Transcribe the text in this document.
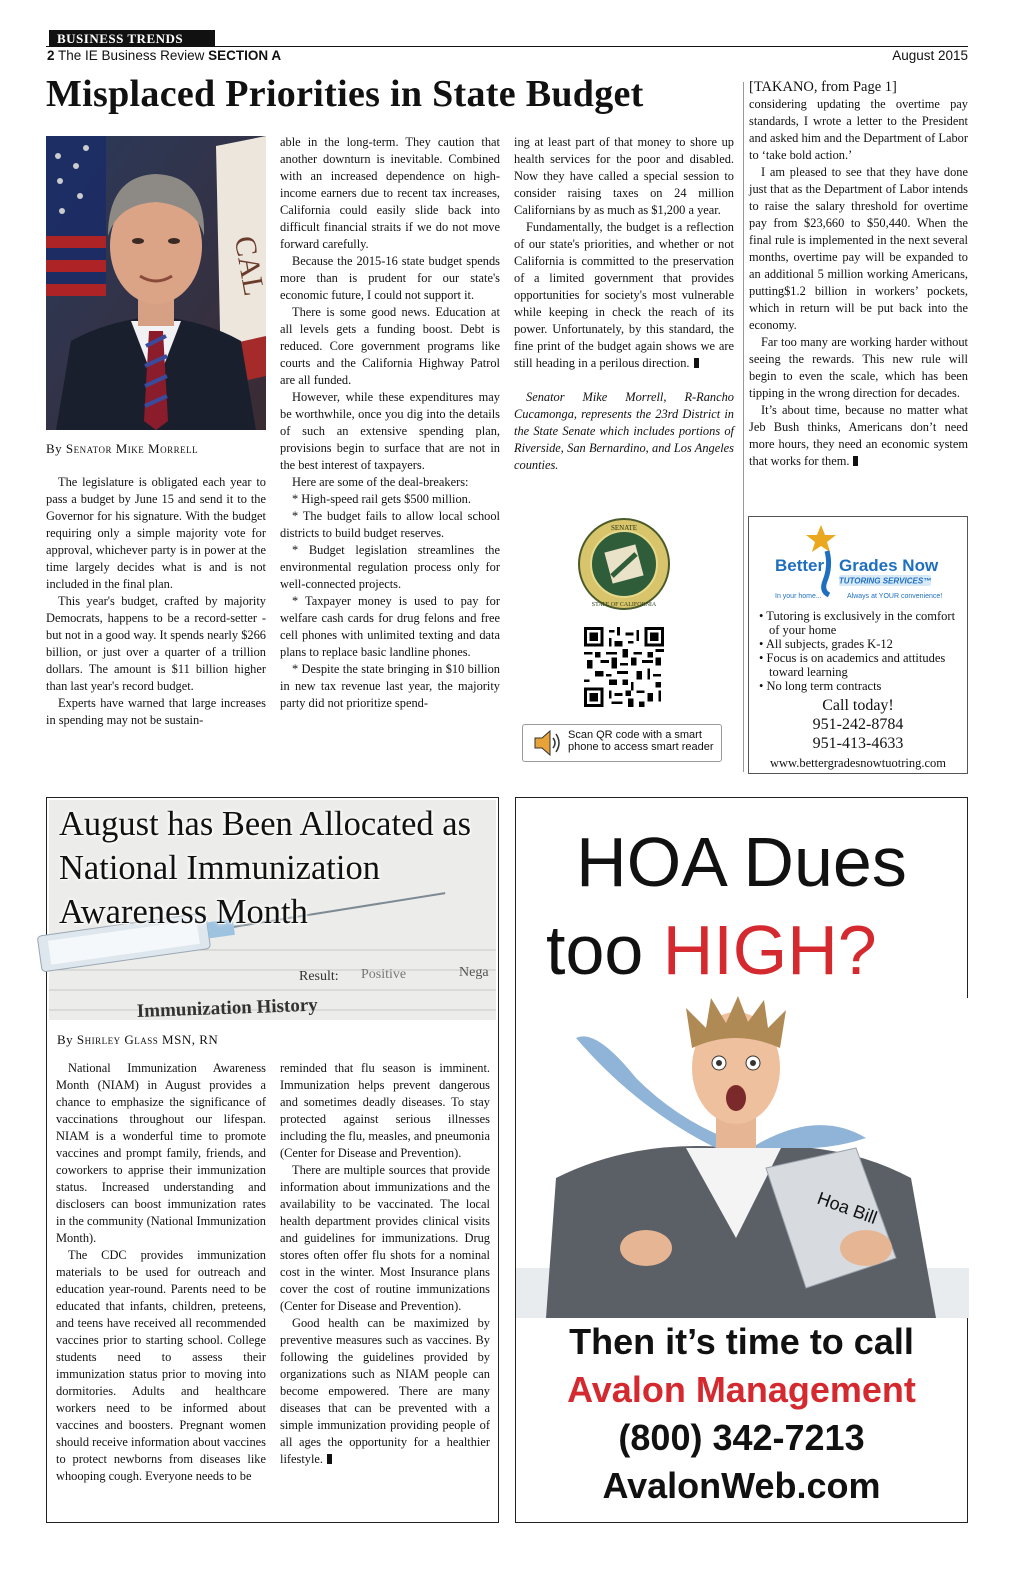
BUSINESS TRENDS
2 The IE Business Review SECTION A	August 2015
Misplaced Priorities in State Budget
CAL
By Senator Mike Morrell

The legislature is obligated each year to pass a budget by June 15 and send it to the Governor for his signature. With the budget requiring only a simple majority vote for approval, whichever party is in power at the time largely decides what is and is not included in the final plan.

This year's budget, crafted by majority Democrats, happens to be a record-setter - but not in a good way. It spends nearly $266 billion, or just over a quarter of a trillion dollars. The amount is $11 billion higher than last year's record budget.

Experts have warned that large increases in spending may not be sustain-

able in the long-term. They caution that another downturn is inevitable. Combined with an increased dependence on high-income earners due to recent tax increases, California could easily slide back into difficult financial straits if we do not move forward carefully.

Because the 2015-16 state budget spends more than is prudent for our state's economic future, I could not support it.

There is some good news. Education at all levels gets a funding boost. Debt is reduced. Core government programs like courts and the California Highway Patrol are all funded.

However, while these expenditures may be worthwhile, once you dig into the details of such an extensive spending plan, provisions begin to surface that are not in the best interest of taxpayers.

Here are some of the deal-breakers:

* High-speed rail gets $500 million.

* The budget fails to allow local school districts to build budget reserves.

* Budget legislation streamlines the environmental regulation process only for well-connected projects.

* Taxpayer money is used to pay for welfare cash cards for drug felons and free cell phones with unlimited texting and data plans to replace basic landline phones.

* Despite the state bringing in $10 billion in new tax revenue last year, the majority party did not prioritize spend-

ing at least part of that money to shore up health services for the poor and disabled. Now they have called a special session to consider raising taxes on 24 million Californians by as much as $1,200 a year.

Fundamentally, the budget is a reflection of our state's priorities, and whether or not California is committed to the preservation of a limited government that provides opportunities for society's most vulnerable while keeping in check the reach of its power. Unfortunately, by this standard, the fine print of the budget again shows we are still heading in a perilous direction.

Senator Mike Morrell, R-Rancho Cucamonga, represents the 23rd District in the State Senate which includes portions of Riverside, San Bernardino, and Los Angeles counties.

SENATE
STATE OF CALIFORNIA
Scan QR code with a smart phone to access smart reader
[TAKANO, from Page 1]

considering updating the overtime pay standards, I wrote a letter to the President and asked him and the Department of Labor to ‘take bold action.’

I am pleased to see that they have done just that as the Department of Labor intends to raise the salary threshold for overtime pay from $23,660 to $50,440. When the final rule is implemented in the next several months, overtime pay will be expanded to an additional 5 million working Americans, putting$1.2 billion in workers’ pockets, which in return will be put back into the economy.

Far too many are working harder without seeing the rewards. This new rule will begin to even the scale, which has been tipping in the wrong direction for decades.

It’s about time, because no matter what Jeb Bush thinks, Americans don’t need more hours, they need an economic system that works for them.

Better Grades Now
TUTORING SERVICES™
In your home...	Always at YOUR convenience!
• Tutoring is exclusively in the comfort of your home
• All subjects, grades K-12
• Focus is on academics and attitudes toward learning
• No long term contracts
Call today!
951-242-8784
951-413-4633
www.bettergradesnowtuotring.com
Result: Positive	Nega
Immunization History
August has Been Allocated as National Immunization Awareness Month
By Shirley Glass MSN, RN

National Immunization Awareness Month (NIAM) in August provides a chance to emphasize the significance of vaccinations throughout our lifespan. NIAM is a wonderful time to promote vaccines and prompt family, friends, and coworkers to apprise their immunization status. Increased understanding and disclosers can boost immunization rates in the community (National Immunization Month).

The CDC provides immunization materials to be used for outreach and education year-round. Parents need to be educated that infants, children, preteens, and teens have received all recommended vaccines prior to starting school. College students need to assess their immunization status prior to moving into dormitories. Adults and healthcare workers need to be informed about vaccines and boosters. Pregnant women should receive information about vaccines to protect newborns from diseases like whooping cough. Everyone needs to be

reminded that flu season is imminent. Immunization helps prevent dangerous and sometimes deadly diseases. To stay protected against serious illnesses including the flu, measles, and pneumonia (Center for Disease and Prevention).

There are multiple sources that provide information about immunizations and the availability to be vaccinated. The local health department provides clinical visits and guidelines for immunizations. Drug stores often offer flu shots for a nominal cost in the winter. Most Insurance plans cover the cost of routine immunizations (Center for Disease and Prevention).

Good health can be maximized by preventive measures such as vaccines. By following the guidelines provided by organizations such as NIAM people can become empowered. There are many diseases that can be prevented with a simple immunization providing people of all ages the opportunity for a healthier lifestyle.

HOA Dues
too HIGH?
Hoa Bill
Then it’s time to call
Avalon Management
(800) 342-7213
AvalonWeb.com
